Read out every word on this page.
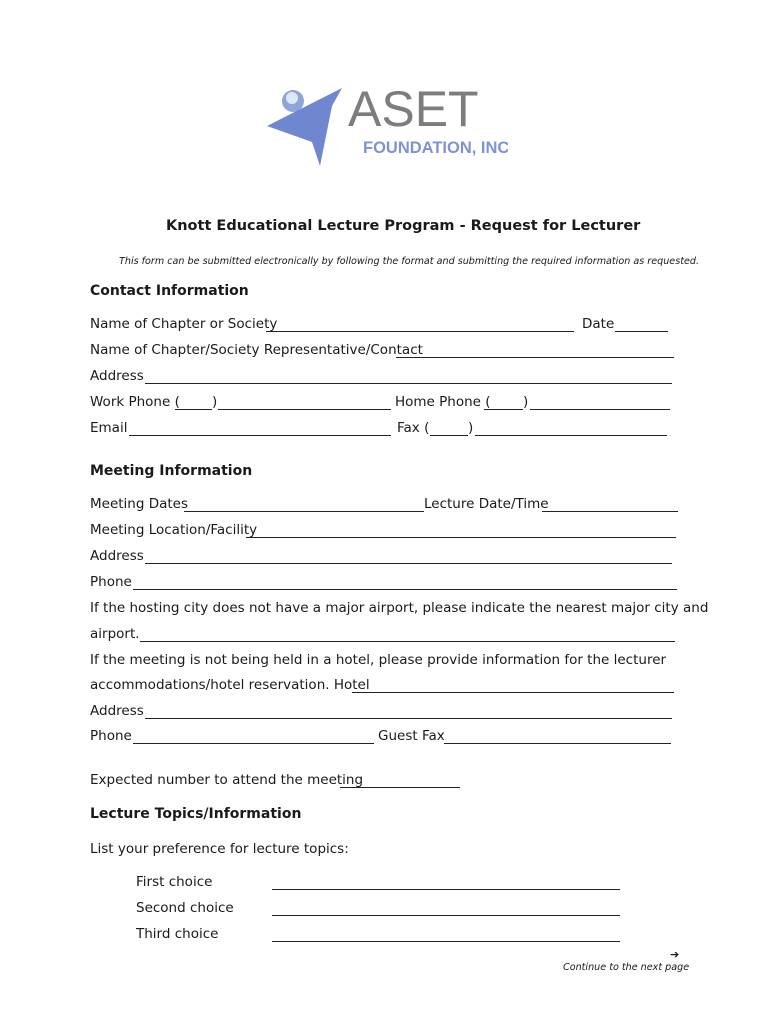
ASET
FOUNDATION, INC.
Knott Educational Lecture Program - Request for Lecturer
This form can be submitted electronically by following the format and submitting the required information as requested.
Contact Information
Name of Chapter or Society	Date
Name of Chapter/Society Representative/Contact
Address
Work Phone ( )	Home Phone ( )
Email	Fax (	)
Meeting Information
Meeting Dates	Lecture Date/Time
Meeting Location/Facility
Address
Phone
If the hosting city does not have a major airport, please indicate the nearest major city and
airport.
If the meeting is not being held in a hotel, please provide information for the lecturer
accommodations/hotel reservation. Hotel
Address
Phone	Guest Fax
Expected number to attend the meeting
Lecture Topics/Information
List your preference for lecture topics:
First choice
Second choice
Third choice
➔
Continue to the next page
